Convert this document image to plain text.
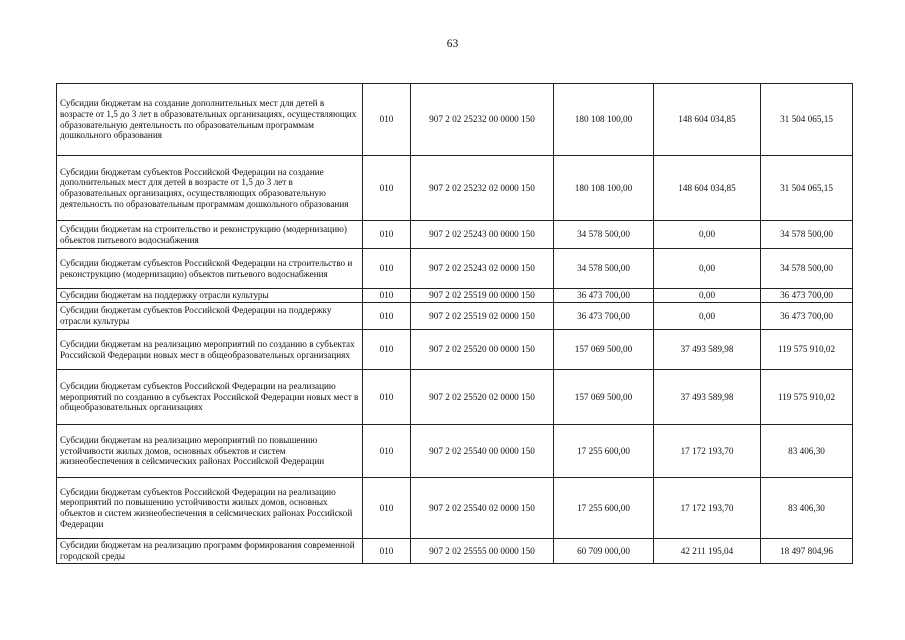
63
Субсидии бюджетам на создание дополнительных мест для детей в возрасте от 1,5 до 3 лет в образовательных организациях, осуществляющих образовательную деятельность по образовательным программам дошкольного образования	010	907 2 02 25232 00 0000 150	180 108 100,00	148 604 034,85	31 504 065,15
Субсидии бюджетам субъектов Российской Федерации на создание дополнительных мест для детей в возрасте от 1,5 до 3 лет в образовательных организациях, осуществляющих образовательную деятельность по образовательным программам дошкольного образования	010	907 2 02 25232 02 0000 150	180 108 100,00	148 604 034,85	31 504 065,15
Субсидии бюджетам на строительство и реконструкцию (модернизацию) объектов питьевого водоснабжения	010	907 2 02 25243 00 0000 150	34 578 500,00	0,00	34 578 500,00
Субсидии бюджетам субъектов Российской Федерации на строительство и реконструкцию (модернизацию) объектов питьевого водоснабжения	010	907 2 02 25243 02 0000 150	34 578 500,00	0,00	34 578 500,00
Субсидии бюджетам на поддержку отрасли культуры	010	907 2 02 25519 00 0000 150	36 473 700,00	0,00	36 473 700,00
Субсидии бюджетам субъектов Российской Федерации на поддержку отрасли культуры	010	907 2 02 25519 02 0000 150	36 473 700,00	0,00	36 473 700,00
Субсидии бюджетам на реализацию мероприятий по созданию в субъектах Российской Федерации новых мест в общеобразовательных организациях	010	907 2 02 25520 00 0000 150	157 069 500,00	37 493 589,98	119 575 910,02
Субсидии бюджетам субъектов Российской Федерации на реализацию мероприятий по созданию в субъектах Российской Федерации новых мест в общеобразовательных организациях	010	907 2 02 25520 02 0000 150	157 069 500,00	37 493 589,98	119 575 910,02
Субсидии бюджетам на реализацию мероприятий по повышению устойчивости жилых домов, основных объектов и систем жизнеобеспечения в сейсмических районах Российской Федерации	010	907 2 02 25540 00 0000 150	17 255 600,00	17 172 193,70	83 406,30
Субсидии бюджетам субъектов Российской Федерации на реализацию мероприятий по повышению устойчивости жилых домов, основных объектов и систем жизнеобеспечения в сейсмических районах Российской Федерации	010	907 2 02 25540 02 0000 150	17 255 600,00	17 172 193,70	83 406,30
Субсидии бюджетам на реализацию программ формирования современной городской среды	010	907 2 02 25555 00 0000 150	60 709 000,00	42 211 195,04	18 497 804,96
